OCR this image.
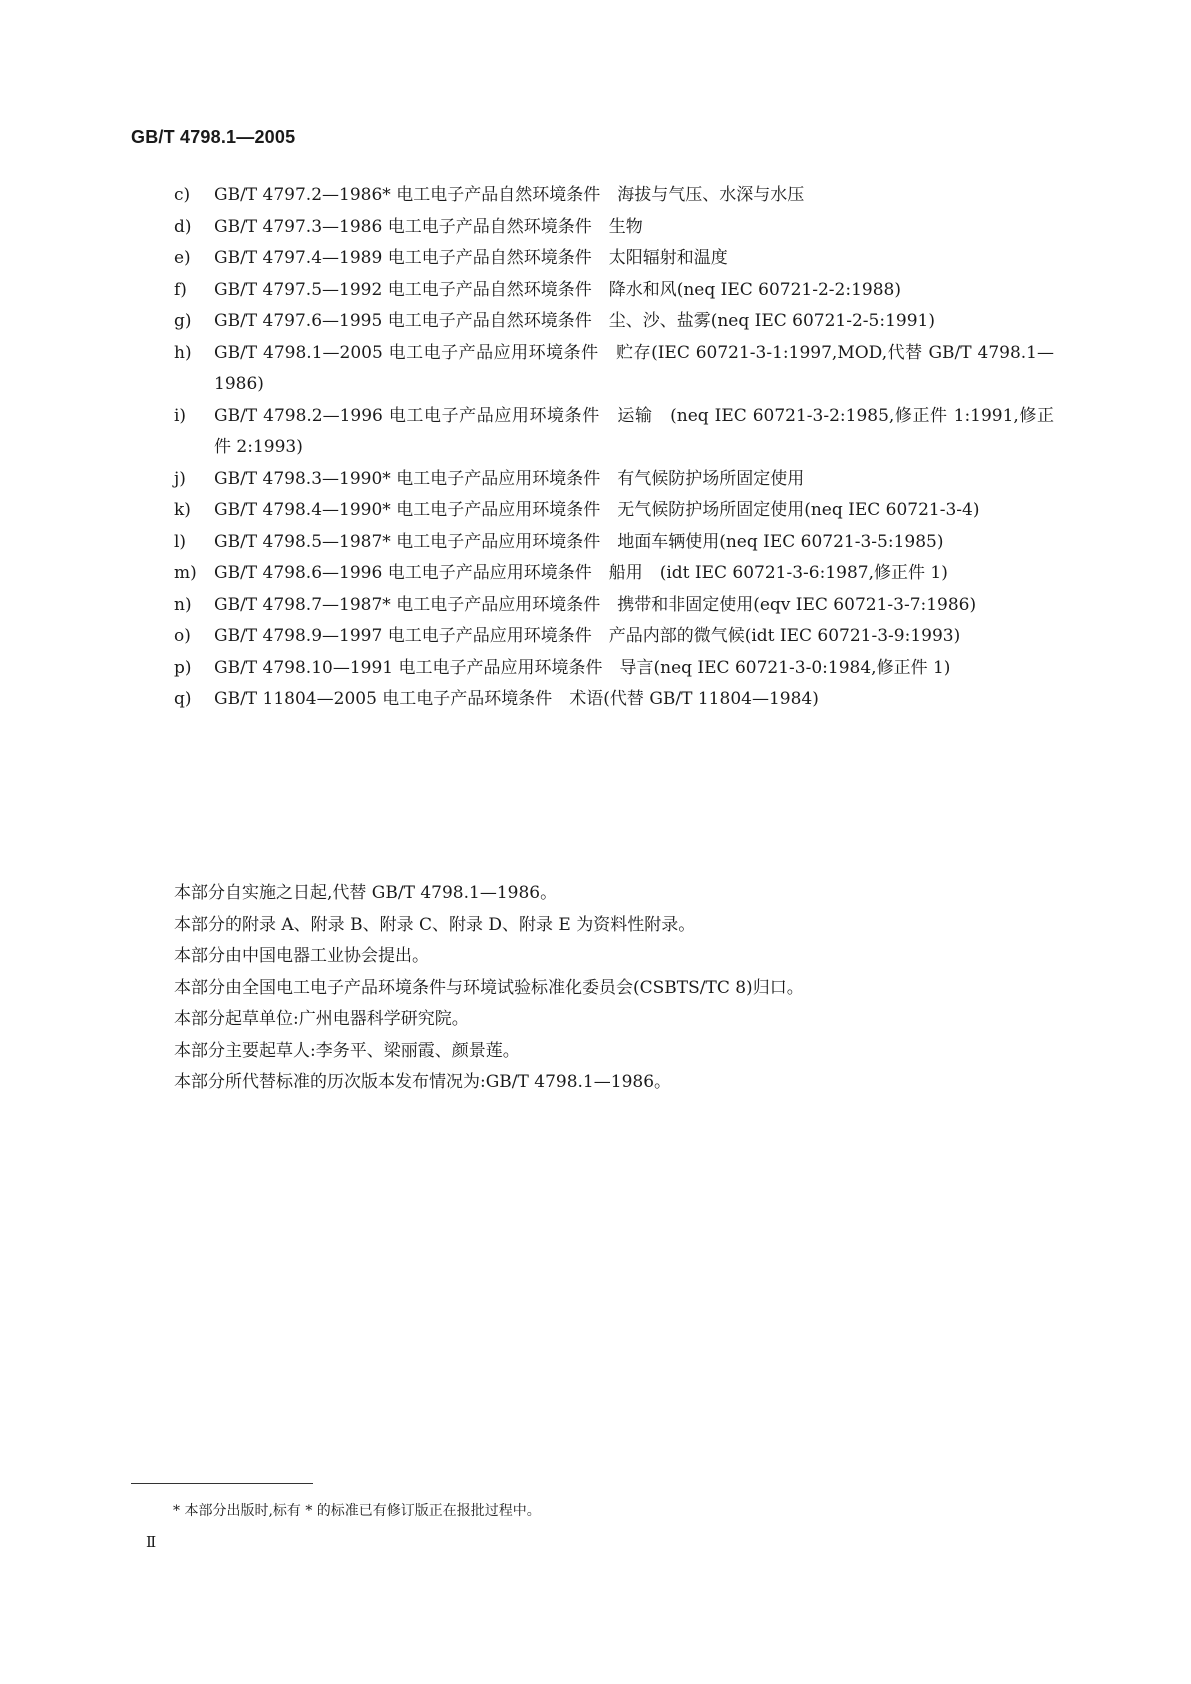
GB/T 4798.1—2005
c)	GB/T 4797.2—1986* 电工电子产品自然环境条件　海拔与气压、水深与水压
d)	GB/T 4797.3—1986 电工电子产品自然环境条件　生物
e)	GB/T 4797.4—1989 电工电子产品自然环境条件　太阳辐射和温度
f)	GB/T 4797.5—1992 电工电子产品自然环境条件　降水和风(neq IEC 60721-2-2:1988)
g)	GB/T 4797.6—1995 电工电子产品自然环境条件　尘、沙、盐雾(neq IEC 60721-2-5:1991)
h)	GB/T 4798.1—2005 电工电子产品应用环境条件　贮存(IEC 60721-3-1:1997,MOD,代替 GB/T 4798.1—1986)
i)	GB/T 4798.2—1996 电工电子产品应用环境条件　运输　(neq IEC 60721-3-2:1985,修正件 1:1991,修正件 2:1993)
j)	GB/T 4798.3—1990* 电工电子产品应用环境条件　有气候防护场所固定使用
k)	GB/T 4798.4—1990* 电工电子产品应用环境条件　无气候防护场所固定使用(neq IEC 60721-3-4)
l)	GB/T 4798.5—1987* 电工电子产品应用环境条件　地面车辆使用(neq IEC 60721-3-5:1985)
m)	GB/T 4798.6—1996 电工电子产品应用环境条件　船用　(idt IEC 60721-3-6:1987,修正件 1)
n)	GB/T 4798.7—1987* 电工电子产品应用环境条件　携带和非固定使用(eqv IEC 60721-3-7:1986)
o)	GB/T 4798.9—1997 电工电子产品应用环境条件　产品内部的微气候(idt IEC 60721-3-9:1993)
p)	GB/T 4798.10—1991 电工电子产品应用环境条件　导言(neq IEC 60721-3-0:1984,修正件 1)
q)	GB/T 11804—2005 电工电子产品环境条件　术语(代替 GB/T 11804—1984)
本部分自实施之日起,代替 GB/T 4798.1—1986。
本部分的附录 A、附录 B、附录 C、附录 D、附录 E 为资料性附录。
本部分由中国电器工业协会提出。
本部分由全国电工电子产品环境条件与环境试验标准化委员会(CSBTS/TC 8)归口。
本部分起草单位:广州电器科学研究院。
本部分主要起草人:李务平、梁丽霞、颜景莲。
本部分所代替标准的历次版本发布情况为:GB/T 4798.1—1986。
* 本部分出版时,标有 * 的标准已有修订版正在报批过程中。
Ⅱ
